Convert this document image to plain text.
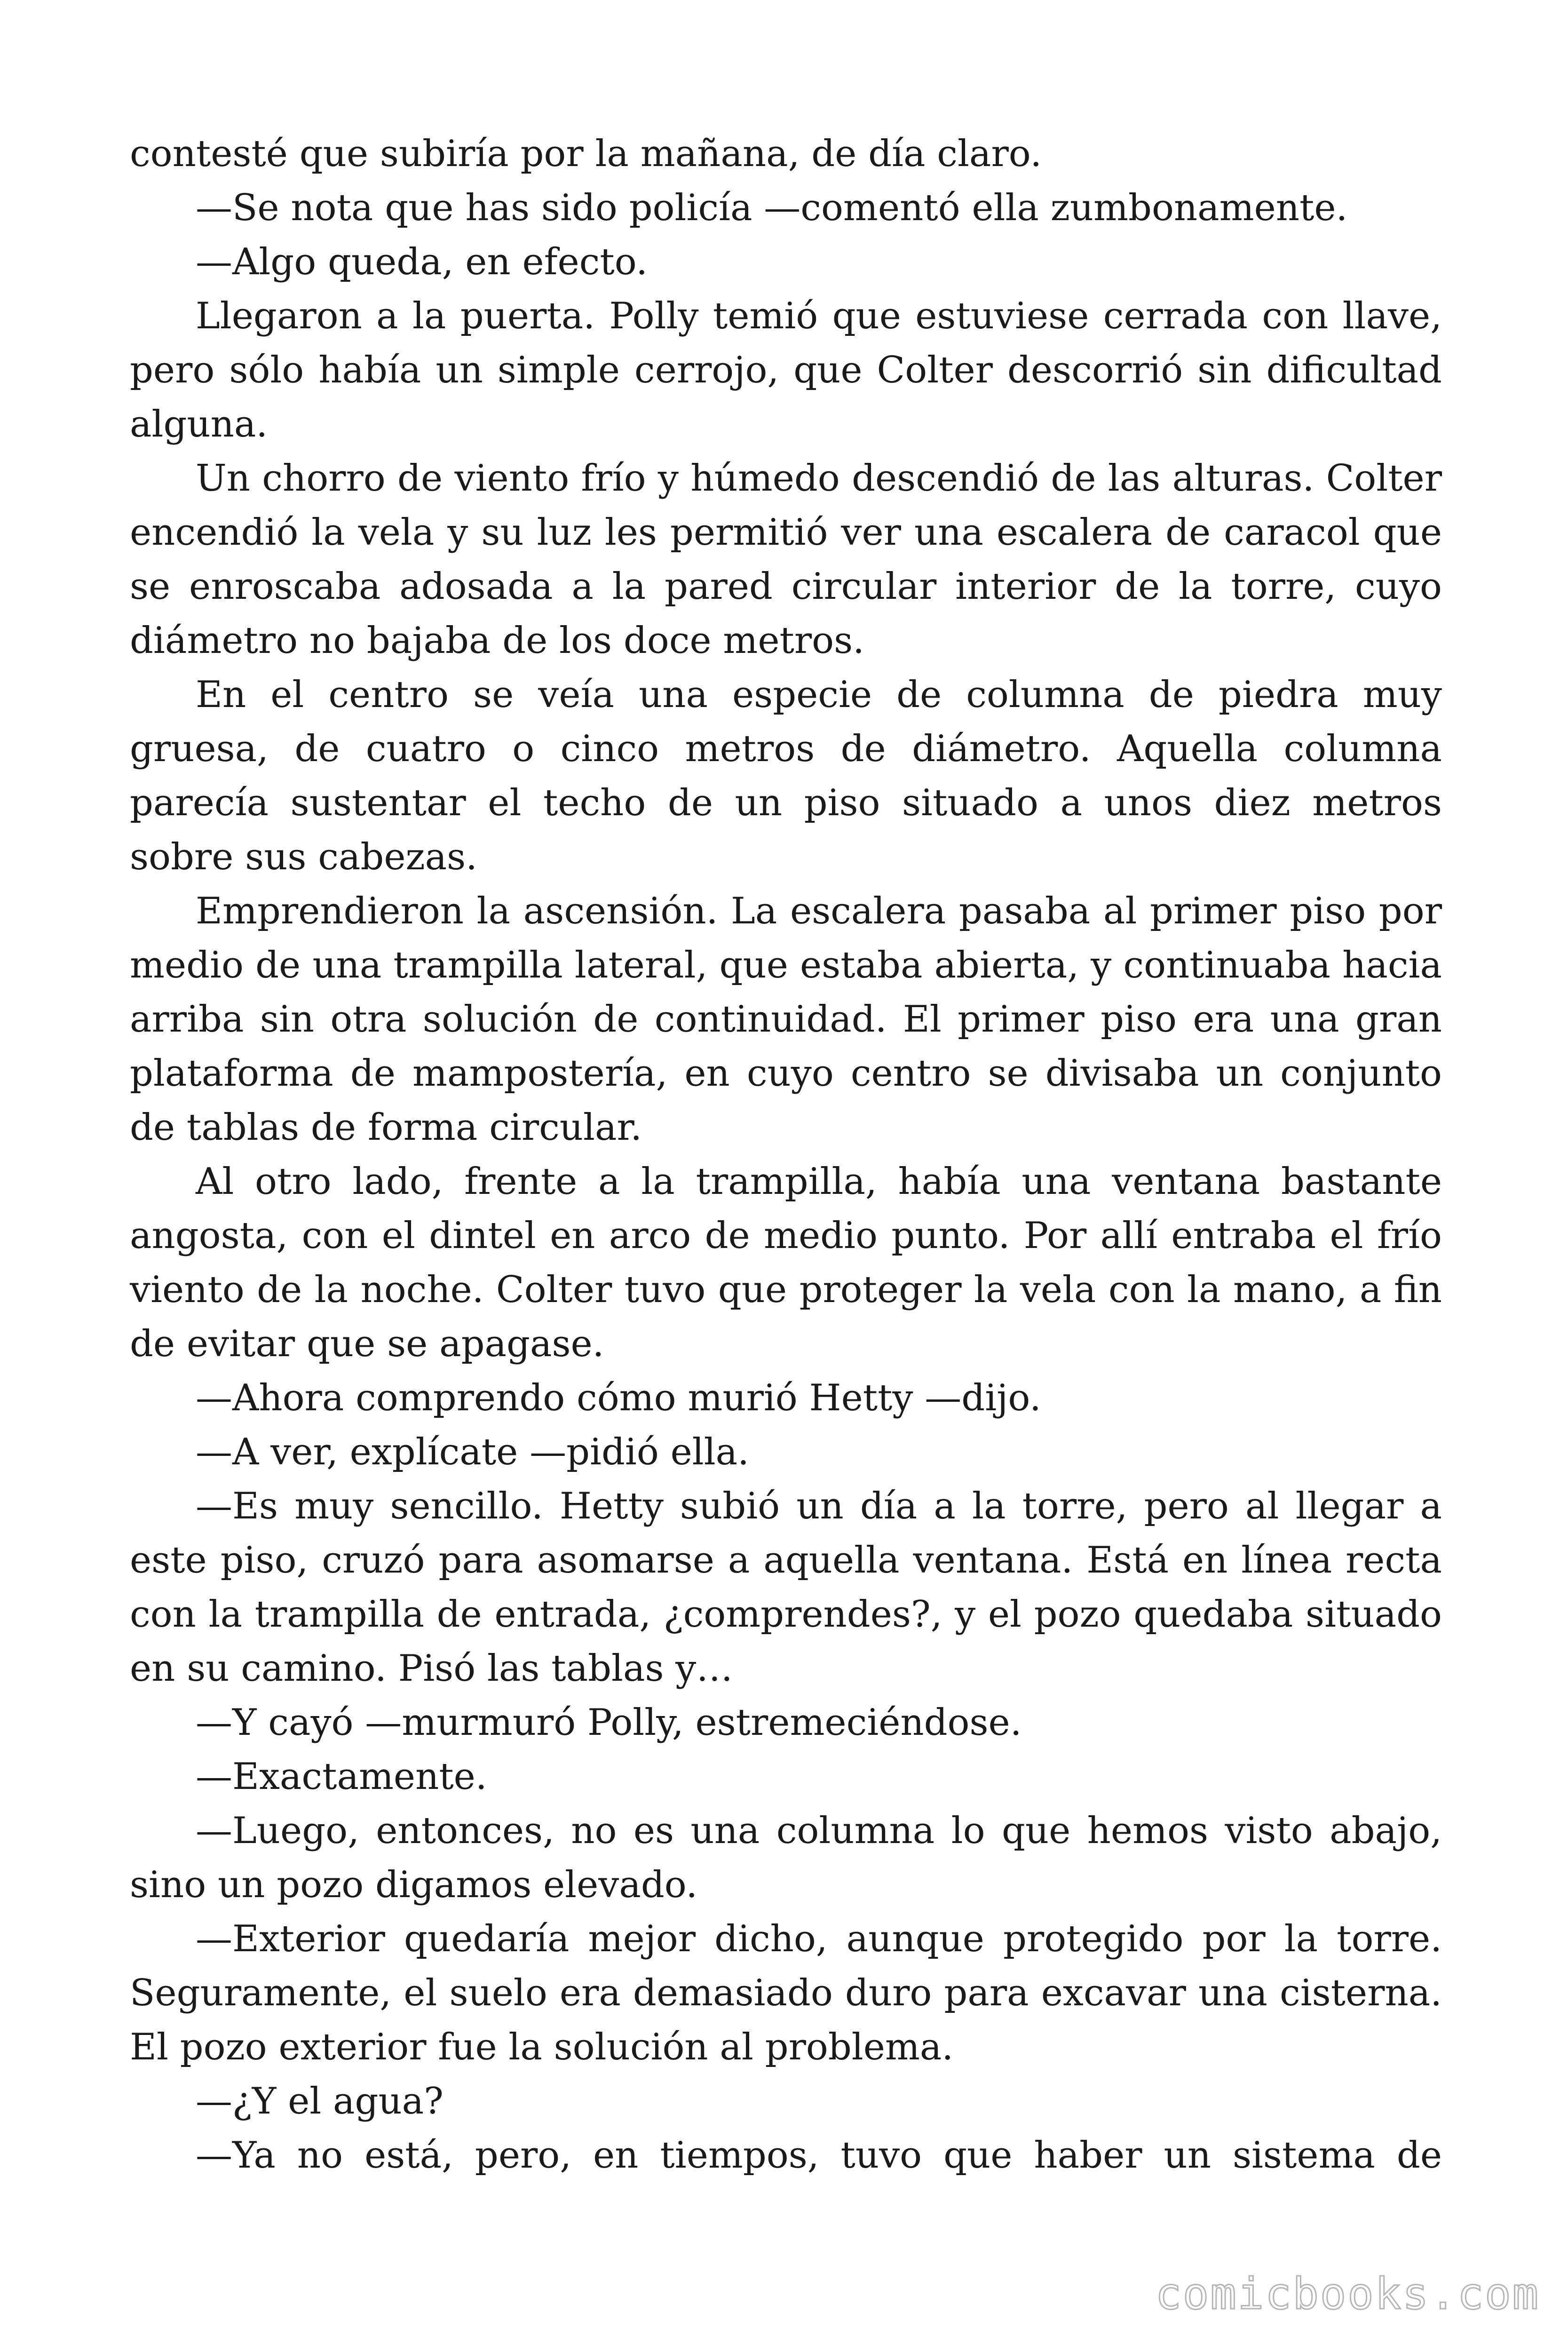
contesté que subiría por la mañana, de día claro.

—Se nota que has sido policía —comentó ella zumbonamente.

—Algo queda, en efecto.

Llegaron a la puerta. Polly temió que estuviese cerrada con llave, pero sólo había un simple cerrojo, que Colter descorrió sin dificultad alguna.

Un chorro de viento frío y húmedo descendió de las alturas. Colter encendió la vela y su luz les permitió ver una escalera de caracol que se enroscaba adosada a la pared circular interior de la torre, cuyo diámetro no bajaba de los doce metros.

En el centro se veía una especie de columna de piedra muy gruesa, de cuatro o cinco metros de diámetro. Aquella columna parecía sustentar el techo de un piso situado a unos diez metros sobre sus cabezas.

Emprendieron la ascensión. La escalera pasaba al primer piso por medio de una trampilla lateral, que estaba abierta, y continuaba hacia arriba sin otra solución de continuidad. El primer piso era una gran plataforma de mampostería, en cuyo centro se divisaba un conjunto de tablas de forma circular.

Al otro lado, frente a la trampilla, había una ventana bastante angosta, con el dintel en arco de medio punto. Por allí entraba el frío viento de la noche. Colter tuvo que proteger la vela con la mano, a fin de evitar que se apagase.

—Ahora comprendo cómo murió Hetty —dijo.

—A ver, explícate —pidió ella.

—Es muy sencillo. Hetty subió un día a la torre, pero al llegar a este piso, cruzó para asomarse a aquella ventana. Está en línea recta con la trampilla de entrada, ¿comprendes?, y el pozo quedaba situado en su camino. Pisó las tablas y…

—Y cayó —murmuró Polly, estremeciéndose.

—Exactamente.

—Luego, entonces, no es una columna lo que hemos visto abajo, sino un pozo digamos elevado.

—Exterior quedaría mejor dicho, aunque protegido por la torre. Seguramente, el suelo era demasiado duro para excavar una cisterna. El pozo exterior fue la solución al problema.

—¿Y el agua?

—Ya no está, pero, en tiempos, tuvo que haber un sistema de

comicbooks.com
